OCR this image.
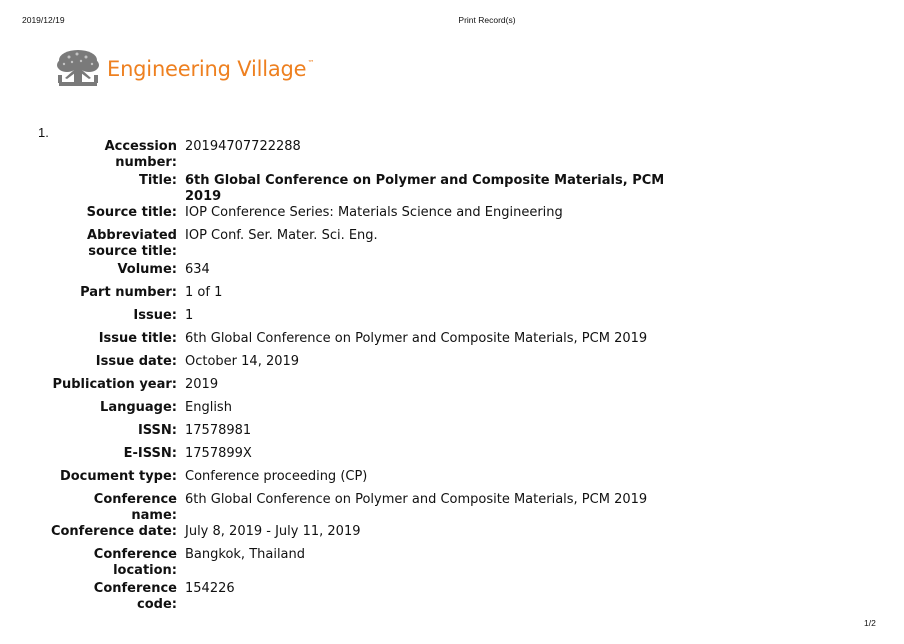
2019/12/19	Print Record(s)
Engineering Village™
1.
Accession number:	20194707722288
Title:	6th Global Conference on Polymer and Composite Materials, PCM 2019
Source title:	IOP Conference Series: Materials Science and Engineering
Abbreviated source title:	IOP Conf. Ser. Mater. Sci. Eng.
Volume:	634
Part number:	1 of 1
Issue:	1
Issue title:	6th Global Conference on Polymer and Composite Materials, PCM 2019
Issue date:	October 14, 2019
Publication year:	2019
Language:	English
ISSN:	17578981
E-ISSN:	1757899X
Document type:	Conference proceeding (CP)
Conference name:	6th Global Conference on Polymer and Composite Materials, PCM 2019
Conference date:	July 8, 2019 - July 11, 2019
Conference location:	Bangkok, Thailand
Conference code:	154226
1/2
